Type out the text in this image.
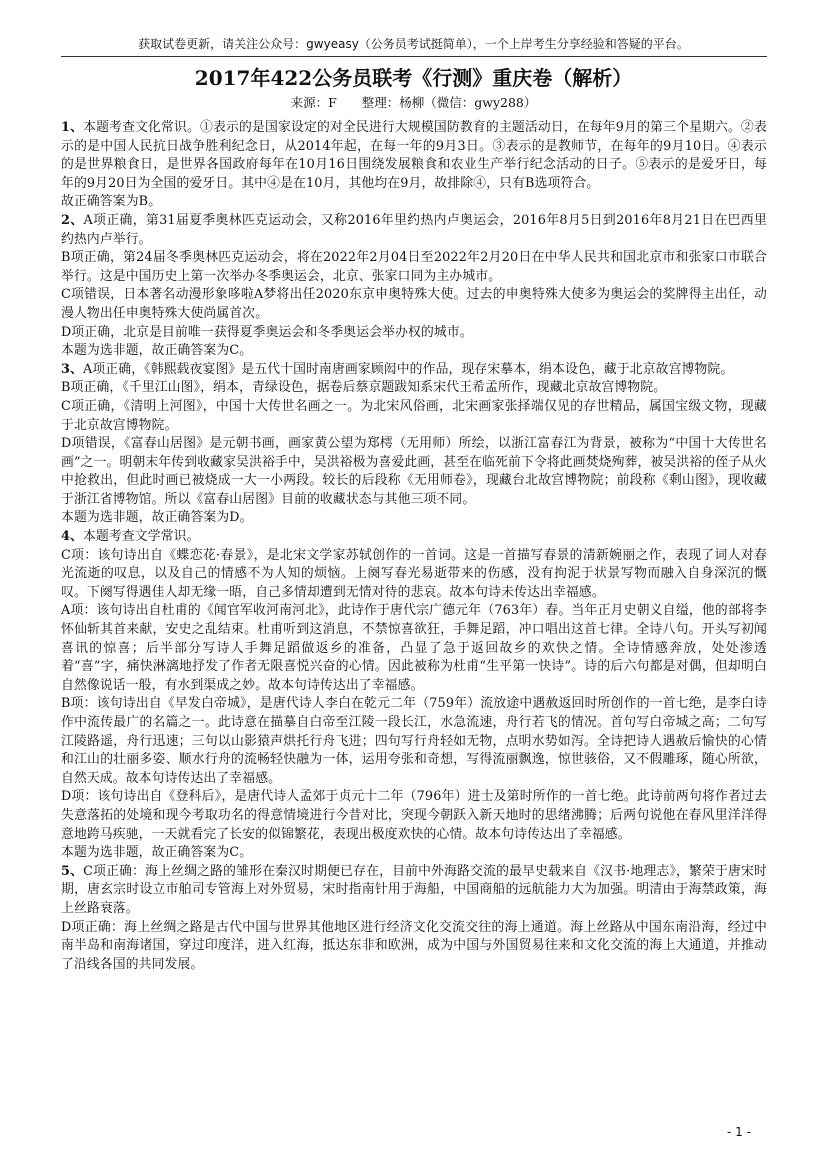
获取试卷更新，请关注公众号：gwyeasy（公务员考试挺简单），一个上岸考生分享经验和答疑的平台。
2017年422公务员联考《行测》重庆卷（解析）
来源：F　　整理：杨柳（微信：gwy288）

1、本题考查文化常识。①表示的是国家设定的对全民进行大规模国防教育的主题活动日，在每年9月的第三个星期六。②表示的是中国人民抗日战争胜利纪念日，从2014年起，在每一年的9月3日。③表示的是教师节，在每年的9月10日。④表示的是世界粮食日，是世界各国政府每年在10月16日围绕发展粮食和农业生产举行纪念活动的日子。⑤表示的是爱牙日，每年的9月20日为全国的爱牙日。其中④是在10月，其他均在9月，故排除④，只有B选项符合。

故正确答案为B。

2、A项正确，第31届夏季奥林匹克运动会，又称2016年里约热内卢奥运会，2016年8月5日到2016年8月21日在巴西里约热内卢举行。

B项正确，第24届冬季奥林匹克运动会，将在2022年2月04日至2022年2月20日在中华人民共和国北京市和张家口市联合举行。这是中国历史上第一次举办冬季奥运会，北京、张家口同为主办城市。

C项错误，日本著名动漫形象哆啦A梦将出任2020东京申奥特殊大使。过去的申奥特殊大使多为奥运会的奖牌得主出任，动漫人物出任申奥特殊大使尚属首次。

D项正确，北京是目前唯一获得夏季奥运会和冬季奥运会举办权的城市。

本题为选非题，故正确答案为C。

3、A项正确，《韩熙载夜宴图》是五代十国时南唐画家顾闳中的作品，现存宋摹本，绢本设色，藏于北京故宫博物院。

B项正确，《千里江山图》，绢本，青绿设色，据卷后蔡京题跋知系宋代王希孟所作，现藏北京故宫博物院。

C项正确，《清明上河图》，中国十大传世名画之一。为北宋风俗画，北宋画家张择端仅见的存世精品，属国宝级文物，现藏于北京故宫博物院。

D项错误，《富春山居图》是元朝书画，画家黄公望为郑樗（无用师）所绘，以浙江富春江为背景，被称为“中国十大传世名画”之一。明朝末年传到收藏家吴洪裕手中，吴洪裕极为喜爱此画，甚至在临死前下令将此画焚烧殉葬，被吴洪裕的侄子从火中抢救出，但此时画已被烧成一大一小两段。较长的后段称《无用师卷》，现藏台北故宫博物院；前段称《剩山图》，现收藏于浙江省博物馆。所以《富春山居图》目前的收藏状态与其他三项不同。

本题为选非题，故正确答案为D。

4、本题考查文学常识。

C项：该句诗出自《蝶恋花·春景》，是北宋文学家苏轼创作的一首词。这是一首描写春景的清新婉丽之作，表现了词人对春光流逝的叹息，以及自己的情感不为人知的烦恼。上阕写春光易逝带来的伤感，没有拘泥于状景写物而融入自身深沉的慨叹。下阕写得遇佳人却无缘一晤，自己多情却遭到无情对待的悲哀。故本句诗未传达出幸福感。

A项：该句诗出自杜甫的《闻官军收河南河北》，此诗作于唐代宗广德元年（763年）春。当年正月史朝义自缢，他的部将李怀仙斩其首来献，安史之乱结束。杜甫听到这消息，不禁惊喜欲狂，手舞足蹈，冲口唱出这首七律。全诗八句。开头写初闻喜讯的惊喜；后半部分写诗人手舞足蹈做返乡的准备，凸显了急于返回故乡的欢快之情。全诗情感奔放，处处渗透着“喜”字，痛快淋漓地抒发了作者无限喜悦兴奋的心情。因此被称为杜甫“生平第一快诗”。诗的后六句都是对偶，但却明白自然像说话一般，有水到渠成之妙。故本句诗传达出了幸福感。

B项：该句诗出自《早发白帝城》，是唐代诗人李白在乾元二年（759年）流放途中遇赦返回时所创作的一首七绝，是李白诗作中流传最广的名篇之一。此诗意在描摹自白帝至江陵一段长江，水急流速，舟行若飞的情况。首句写白帝城之高；二句写江陵路遥，舟行迅速；三句以山影猿声烘托行舟飞进；四句写行舟轻如无物，点明水势如泻。全诗把诗人遇赦后愉快的心情和江山的壮丽多姿、顺水行舟的流畅轻快融为一体，运用夸张和奇想，写得流丽飘逸，惊世骇俗，又不假雕琢，随心所欲，自然天成。故本句诗传达出了幸福感。

D项：该句诗出自《登科后》，是唐代诗人孟郊于贞元十二年（796年）进士及第时所作的一首七绝。此诗前两句将作者过去失意落拓的处境和现今考取功名的得意情境进行今昔对比，突现今朝跃入新天地时的思绪沸腾；后两句说他在春风里洋洋得意地跨马疾驰，一天就看完了长安的似锦繁花，表现出极度欢快的心情。故本句诗传达出了幸福感。

本题为选非题，故正确答案为C。

5、C项正确：海上丝绸之路的雏形在秦汉时期便已存在，目前中外海路交流的最早史载来自《汉书·地理志》，繁荣于唐宋时期，唐玄宗时设立市舶司专管海上对外贸易，宋时指南针用于海船，中国商船的远航能力大为加强。明清由于海禁政策，海上丝路衰落。

D项正确：海上丝绸之路是古代中国与世界其他地区进行经济文化交流交往的海上通道。海上丝路从中国东南沿海，经过中南半岛和南海诸国，穿过印度洋，进入红海，抵达东非和欧洲，成为中国与外国贸易往来和文化交流的海上大通道，并推动了沿线各国的共同发展。

- 1 -
